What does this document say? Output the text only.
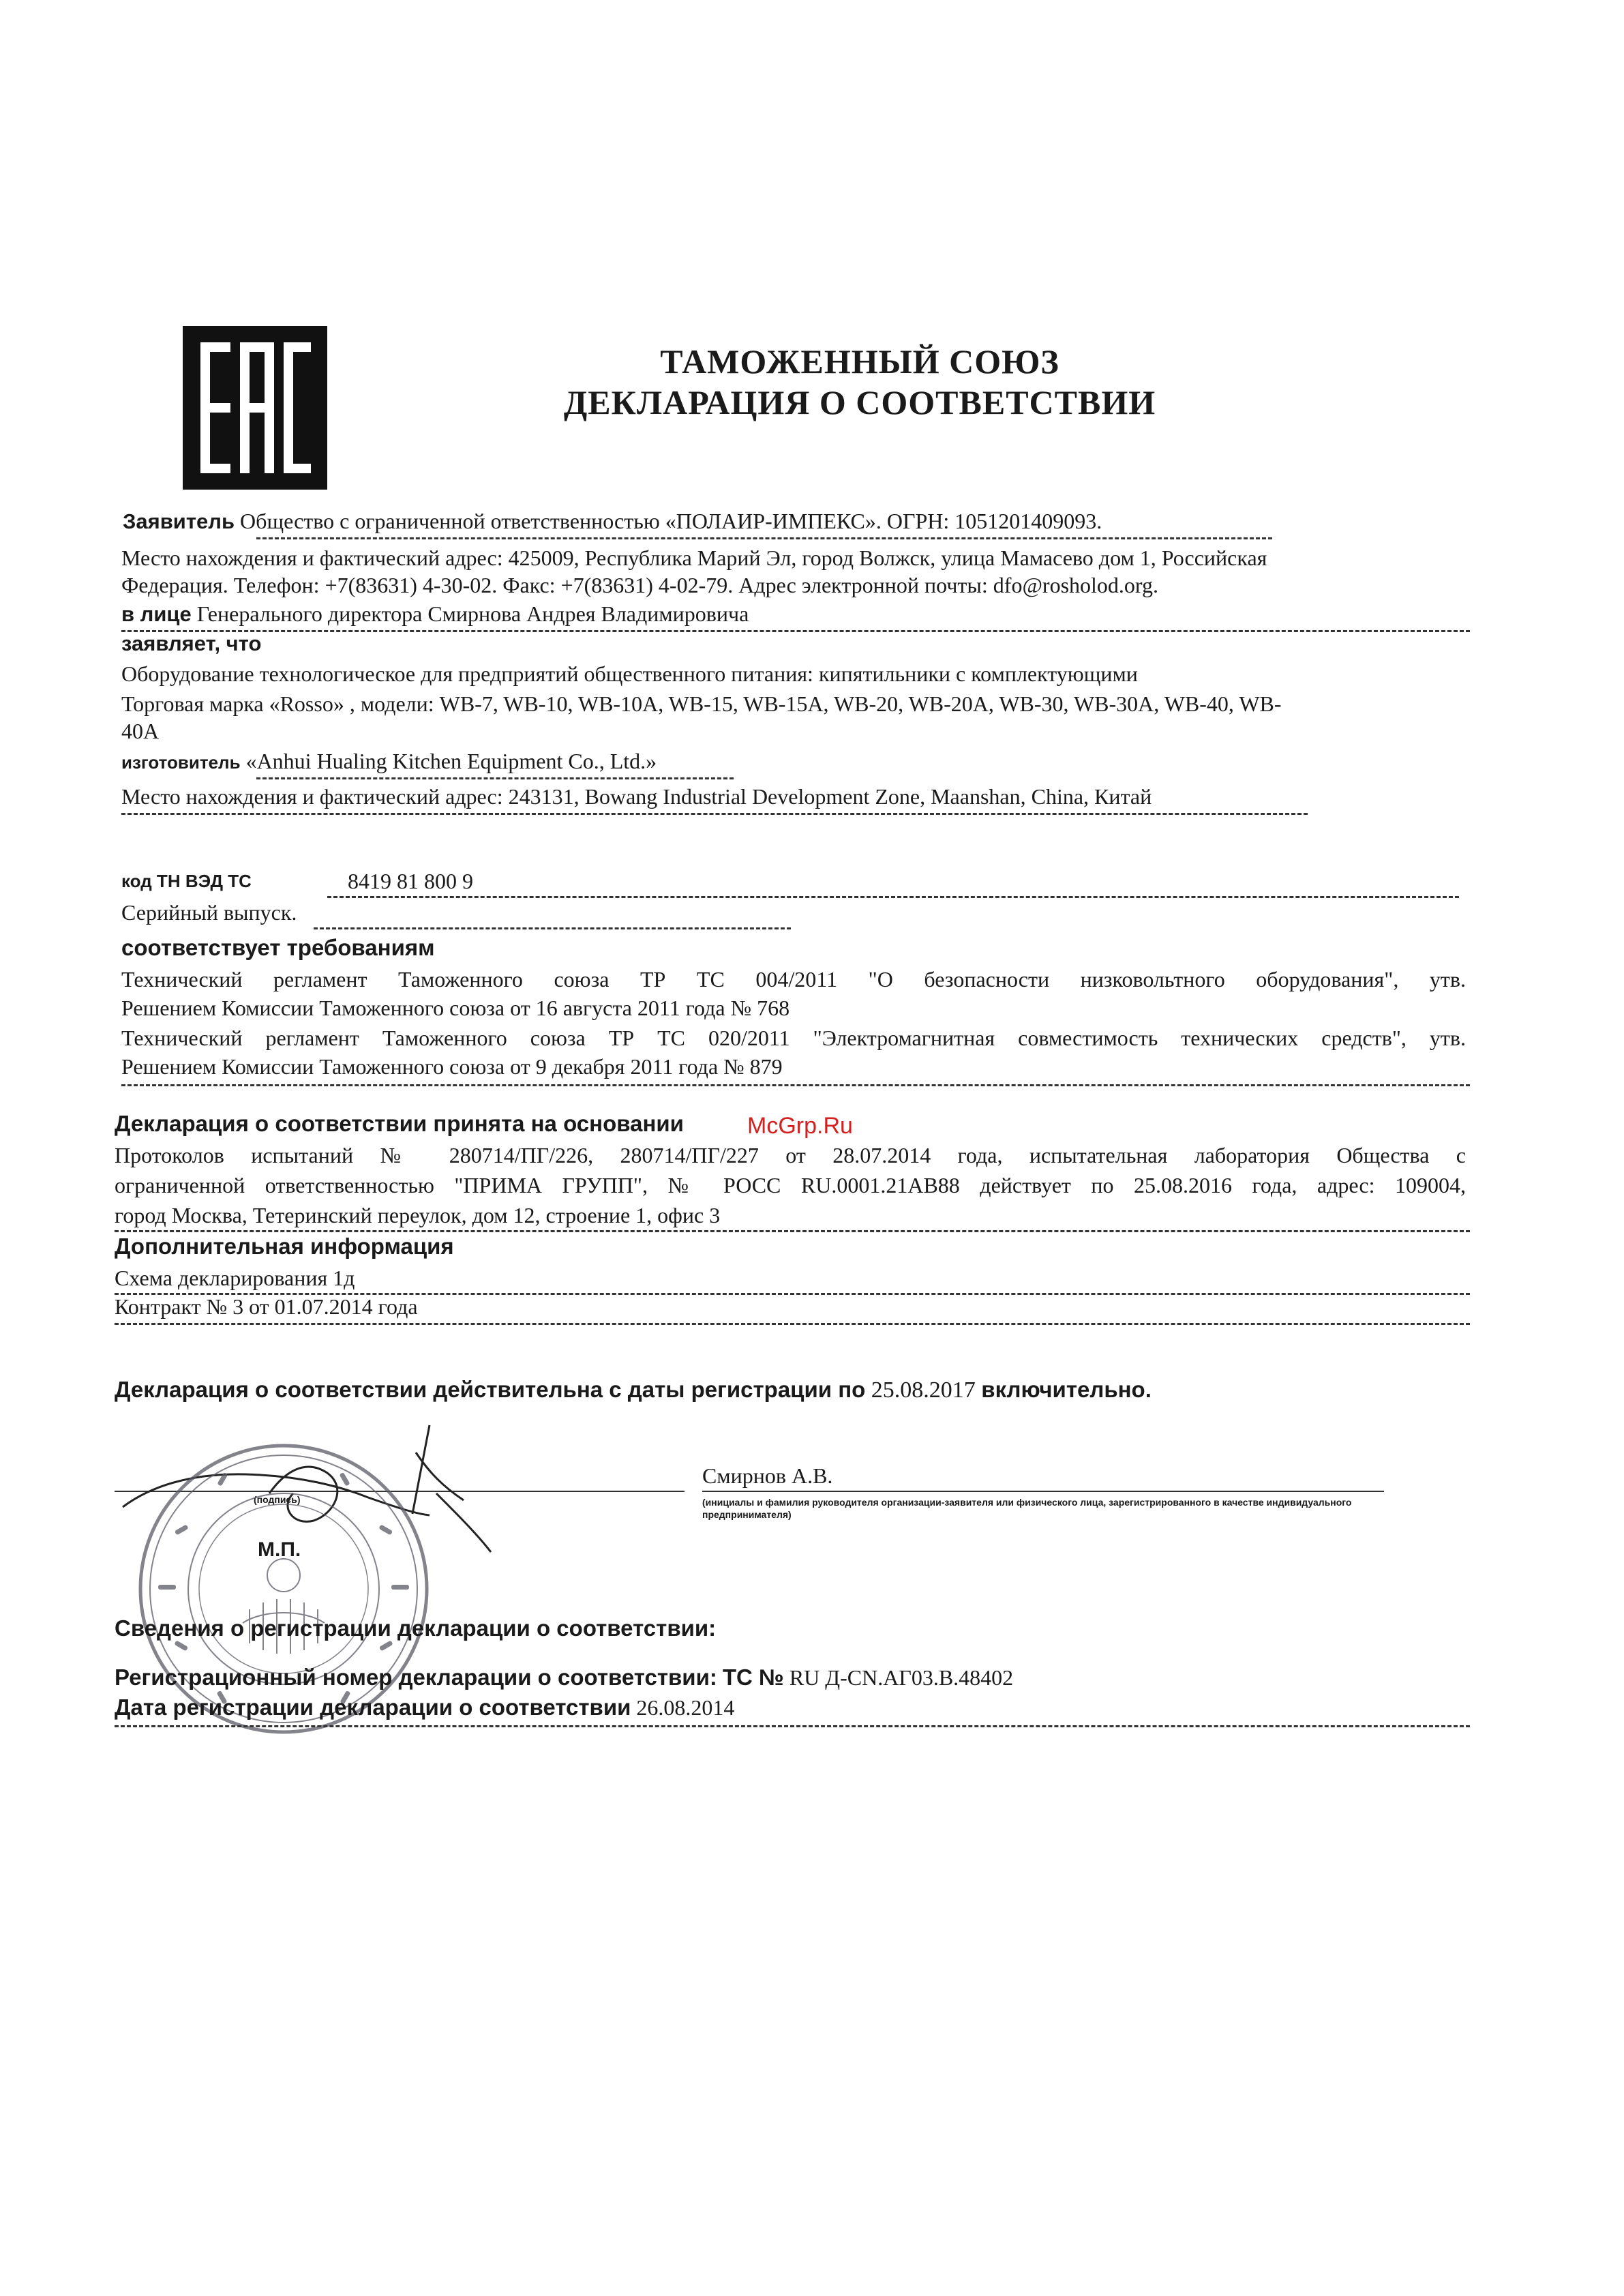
ТАМОЖЕННЫЙ СОЮЗ
ДЕКЛАРАЦИЯ О СООТВЕТСТВИИ
Заявитель Общество с ограниченной ответственностью «ПОЛАИР-ИМПЕКС». ОГРН: 1051201409093.
Место нахождения и фактический адрес: 425009, Республика Марий Эл, город Волжск, улица Мамасево дом 1, Российская
Федерация. Телефон: +7(83631) 4-30-02. Факс: +7(83631) 4-02-79. Адрес электронной почты: dfo@rosholod.org.
в лице Генерального директора Смирнова Андрея Владимировича
заявляет, что
Оборудование технологическое для предприятий общественного питания: кипятильники с комплектующими
Торговая марка «Rosso» , модели: WB-7, WB-10, WB-10A, WB-15, WB-15A, WB-20, WB-20A, WB-30, WB-30A, WB-40, WB-
40A
изготовитель «Anhui Hualing Kitchen Equipment Co., Ltd.»
Место нахождения и фактический адрес: 243131, Bowang Industrial Development Zone, Maanshan, China, Китай
код ТН ВЭД ТС	8419 81 800 9
Серийный выпуск.
соответствует требованиям
Технический регламент Таможенного союза ТР ТС 004/2011 "О безопасности низковольтного оборудования", утв.
Решением Комиссии Таможенного союза от 16 августа 2011 года № 768
Технический регламент Таможенного союза ТР ТС 020/2011 "Электромагнитная совместимость технических средств", утв.
Решением Комиссии Таможенного союза от 9 декабря 2011 года № 879
Декларация о соответствии принята на основании
Протоколов испытаний № 280714/ПГ/226, 280714/ПГ/227 от 28.07.2014 года, испытательная лаборатория Общества с
ограниченной ответственностью "ПРИМА ГРУПП", № РОСС RU.0001.21АВ88 действует по 25.08.2016 года, адрес: 109004,
город Москва, Тетеринский переулок, дом 12, строение 1, офис 3
Дополнительная информация
Схема декларирования 1д
Контракт № 3 от 01.07.2014 года
Декларация о соответствии действительна с даты регистрации по 25.08.2017 включительно.
Смирнов А.В.
(подпись)	(инициалы и фамилия руководителя организации-заявителя или физического лица, зарегистрированного в качестве индивидуального предпринимателя)
М.П.
Сведения о регистрации декларации о соответствии:
Регистрационный номер декларации о соответствии: ТС № RU Д-CN.АГ03.В.48402
Дата регистрации декларации о соответствии 26.08.2014
McGrp.Ru
